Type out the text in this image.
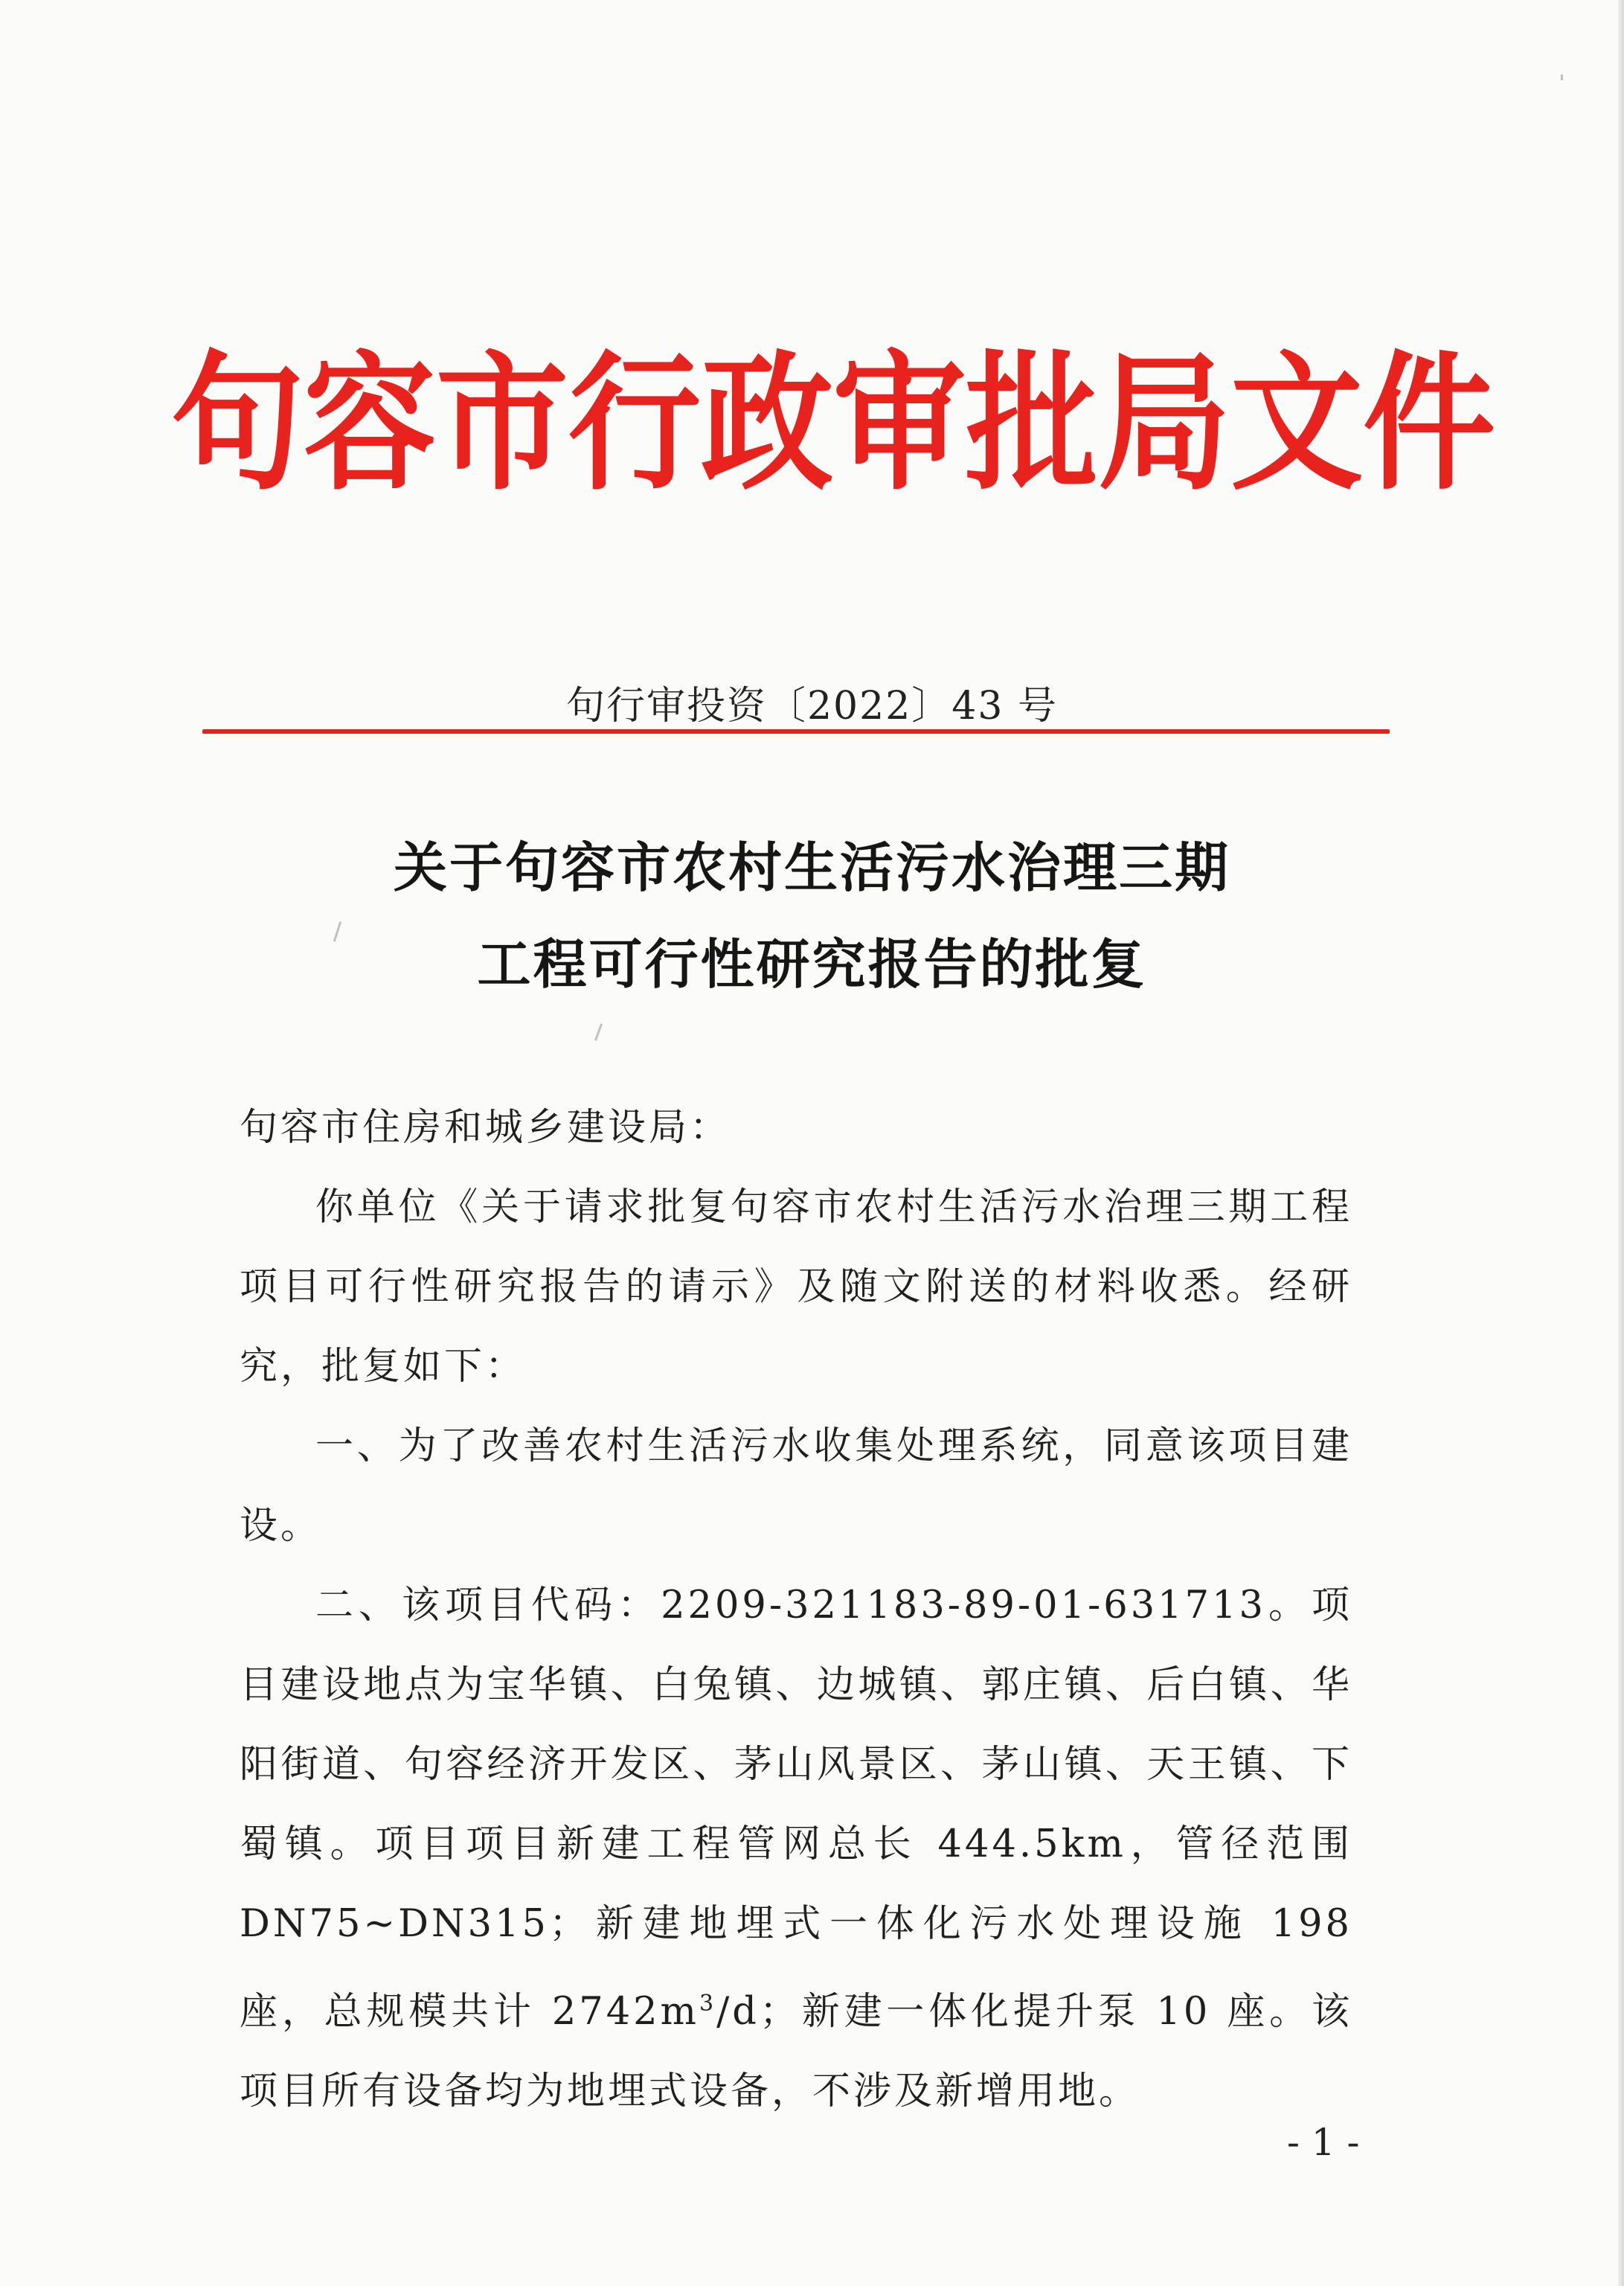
句 容 市 行 政 审 批 局 文 件
句行审投资〔2022〕43 号
关于句容市农村生活污水治理三期
工程可行性研究报告的批复

句容市住房和城乡建设局：

你单位《关于请求批复句容市农村生活污水治理三期工程项目可行性研究报告的请示》及随文附送的材料收悉。经研究，批复如下：

一、为了改善农村生活污水收集处理系统，同意该项目建设。

二、该项目代码：2209-321183-89-01-631713。项目建设地点为宝华镇、白兔镇、边城镇、郭庄镇、后白镇、华阳街道、句容经济开发区、茅山风景区、茅山镇、天王镇、下蜀镇。项目项目新建工程管网总长 444.5km，管径范围 DN75~DN315；新建地埋式一体化污水处理设施 198 座，总规模共计 $2742m^3/d$；新建一体化提升泵 10 座。该项目所有设备均为地埋式设备，不涉及新增用地。

- 1 -
